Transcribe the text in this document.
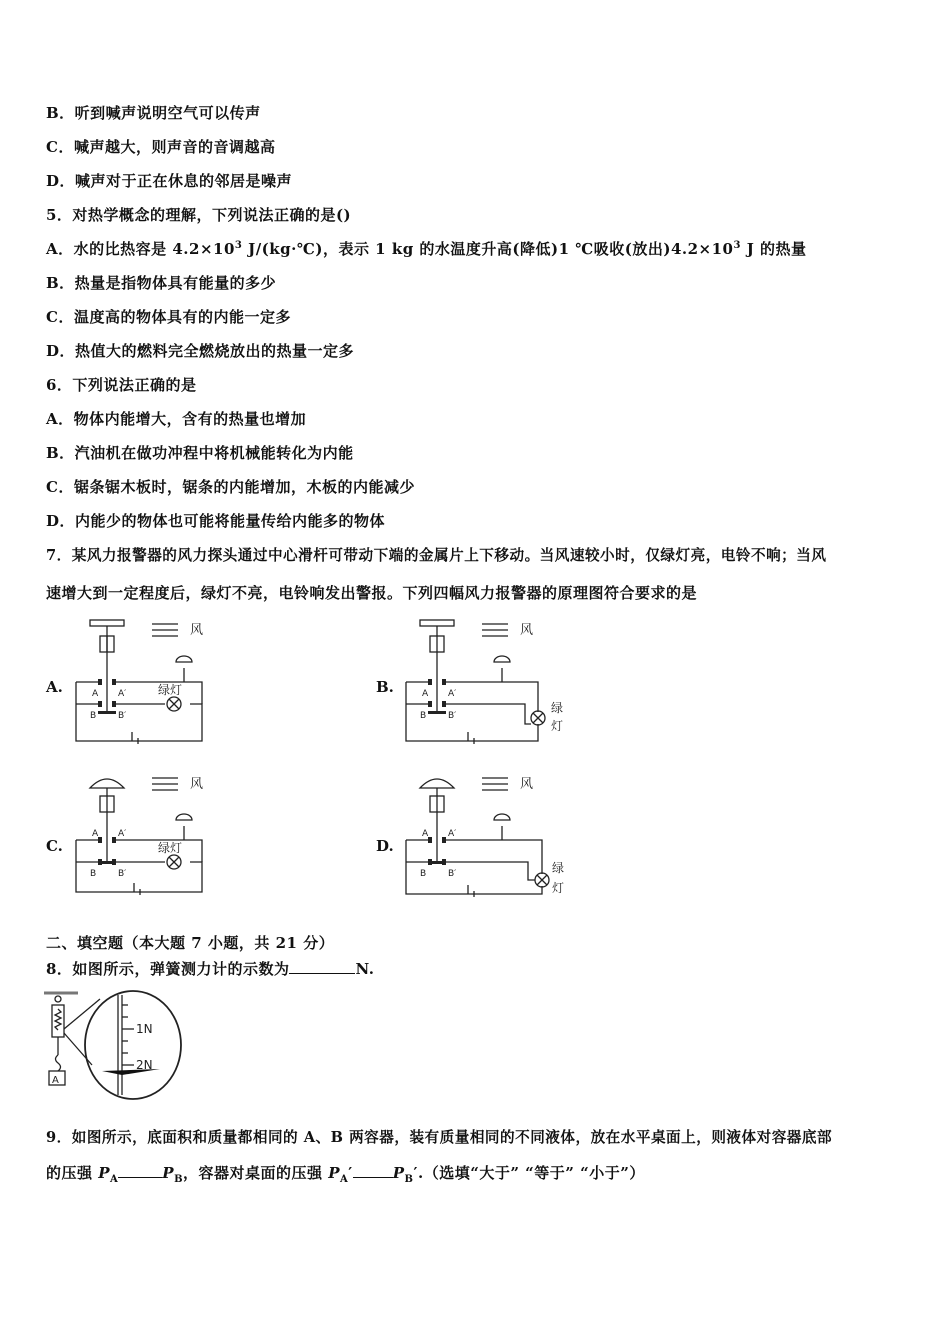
B．听到喊声说明空气可以传声
C．喊声越大，则声音的音调越高
D．喊声对于正在休息的邻居是噪声
5．对热学概念的理解，下列说法正确的是()
A．水的比热容是 $4.2\times 10^3$ J/(kg·℃)，表示 1 kg 的水温度升高(降低)1 ℃吸收(放出)$4.2\times 10^3$ J 的热量
B．热量是指物体具有能量的多少
C．温度高的物体具有的内能一定多
D．热值大的燃料完全燃烧放出的热量一定多
6．下列说法正确的是
A．物体内能增大，含有的热量也增加
B．汽油机在做功冲程中将机械能转化为内能
C．锯条锯木板时，锯条的内能增加，木板的内能减少
D．内能少的物体也可能将能量传给内能多的物体
7．某风力报警器的风力探头通过中心滑杆可带动下端的金属片上下移动。当风速较小时，仅绿灯亮，电铃不响；当风
速增大到一定程度后，绿灯不亮，电铃响发出警报。下列四幅风力报警器的原理图符合要求的是
A.	B.
C.	D.
A A′
B B′
风
绿灯	A A′
B B′
风
绿
灯
A A′
B B′
风
绿灯
A A′
B B′
风
绿
灯
二、填空题（本大题 7 小题，共 21 分）
8．如图所示，弹簧测力计的示数为	N.
A
1N
2N
9．如图所示，底面积和质量都相同的 A、B 两容器，装有质量相同的不同液体，放在水平桌面上，则液体对容器底部
的压强 $P_A$	$P_B$，容器对桌面的压强 $P_A'$	$P_B'$.（选填“大于” “等于” “小于”）
